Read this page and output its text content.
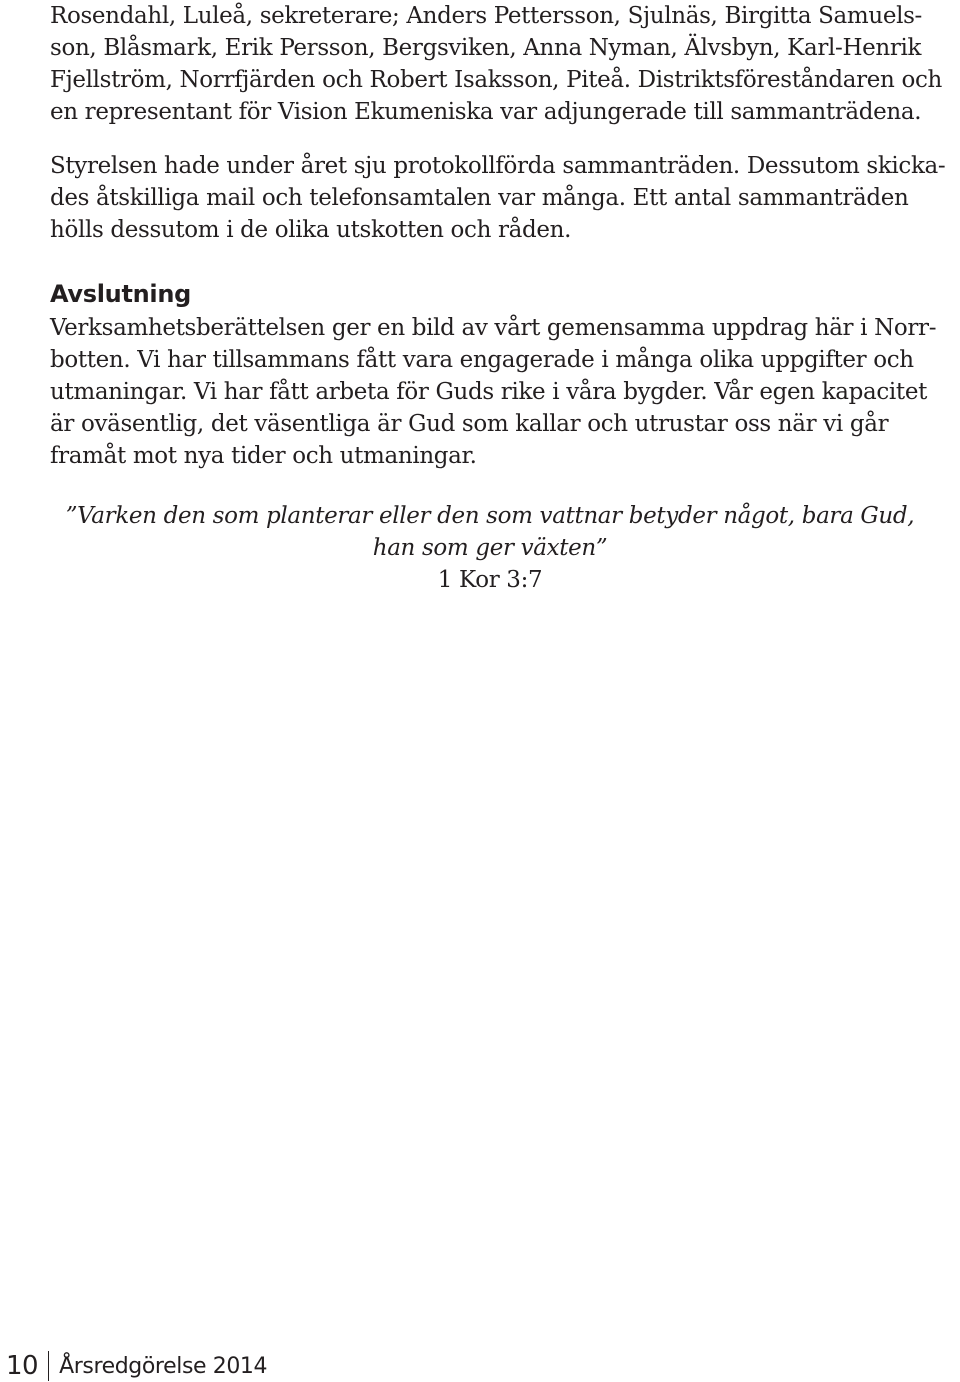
Rosendahl, Luleå, sekreterare; Anders Pettersson, Sjulnäs, Birgitta Samuels-
son, Blåsmark, Erik Persson, Bergsviken, Anna Nyman, Älvsbyn, Karl-Henrik
Fjellström, Norrfjärden och Robert Isaksson, Piteå. Distriktsföreståndaren och
en representant för Vision Ekumeniska var adjungerade till sammanträdena.
Styrelsen hade under året sju protokollförda sammanträden. Dessutom skicka-
des åtskilliga mail och telefonsamtalen var många. Ett antal sammanträden
hölls dessutom i de olika utskotten och råden.
Avslutning
Verksamhetsberättelsen ger en bild av vårt gemensamma uppdrag här i Norr-
botten. Vi har tillsammans fått vara engagerade i många olika uppgifter och
utmaningar. Vi har fått arbeta för Guds rike i våra bygder. Vår egen kapacitet
är oväsentlig, det väsentliga är Gud som kallar och utrustar oss när vi går
framåt mot nya tider och utmaningar.
”Varken den som planterar eller den som vattnar betyder något, bara Gud,
han som ger växten”
1 Kor 3:7
10 Årsredgörelse 2014
